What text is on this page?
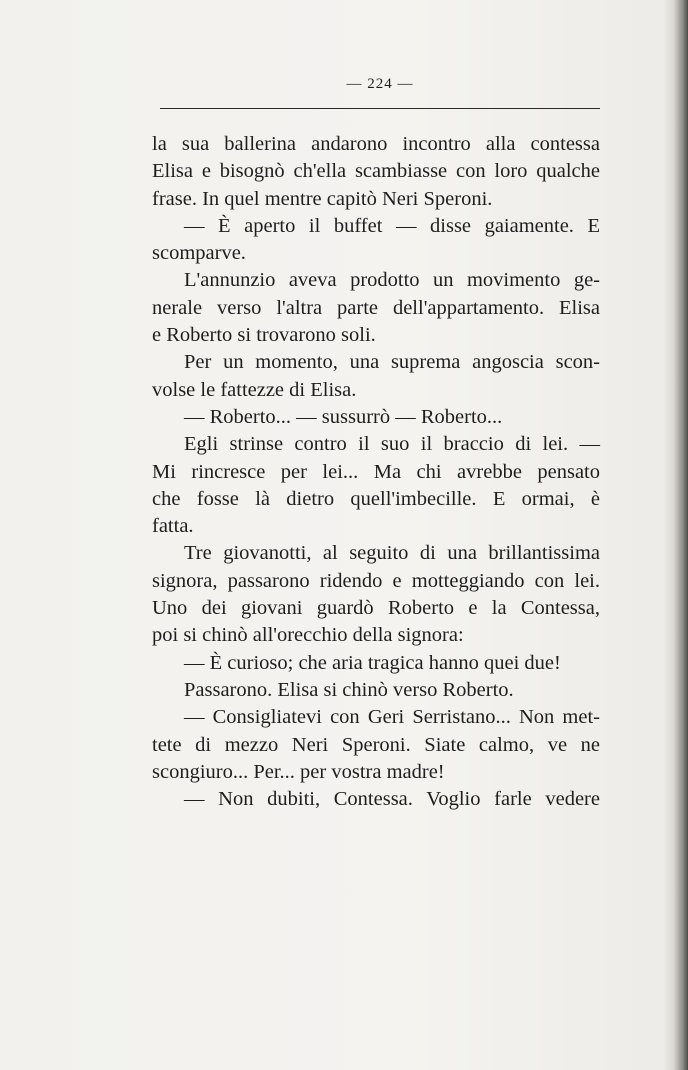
— 224 —
la sua ballerina andarono incontro alla contessa
Elisa e bisognò ch'ella scambiasse con loro qualche
frase. In quel mentre capitò Neri Speroni.
— È aperto il buffet — disse gaiamente. E
scomparve.
L'annunzio aveva prodotto un movimento ge-
nerale verso l'altra parte dell'appartamento. Elisa
e Roberto si trovarono soli.
Per un momento, una suprema angoscia scon-
volse le fattezze di Elisa.
— Roberto... — sussurrò — Roberto...
Egli strinse contro il suo il braccio di lei. —
Mi rincresce per lei... Ma chi avrebbe pensato
che fosse là dietro quell'imbecille. E ormai, è
fatta.
Tre giovanotti, al seguito di una brillantissima
signora, passarono ridendo e motteggiando con lei.
Uno dei giovani guardò Roberto e la Contessa,
poi si chinò all'orecchio della signora:
— È curioso; che aria tragica hanno quei due!
Passarono. Elisa si chinò verso Roberto.
— Consigliatevi con Geri Serristano... Non met-
tete di mezzo Neri Speroni. Siate calmo, ve ne
scongiuro... Per... per vostra madre!
— Non dubiti, Contessa. Voglio farle vedere
